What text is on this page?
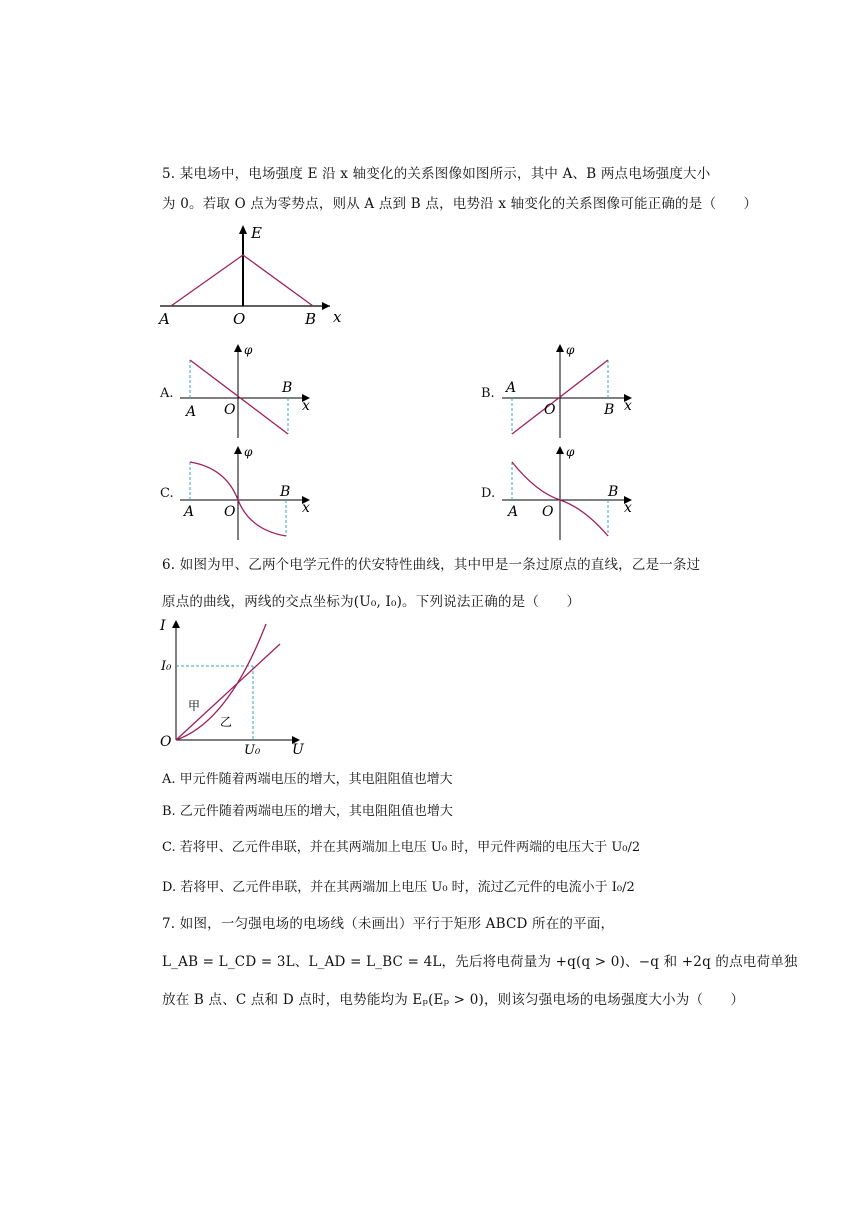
5. 某电场中，电场强度 E 沿 x 轴变化的关系图像如图所示，其中 A、B 两点电场强度大小
为 0。若取 O 点为零势点，则从 A 点到 B 点，电势沿 x 轴变化的关系图像可能正确的是（　　）
E
x
A	O	B
A.
φ
x
A O
B	B.
φ
x
A
O	B
C.
φ
x
A O
B	D.
φ
x
A O
B
6. 如图为甲、乙两个电学元件的伏安特性曲线，其中甲是一条过原点的直线，乙是一条过
原点的曲线，两线的交点坐标为(U₀, I₀)。下列说法正确的是（　　）
I
U
O
I₀
U₀
甲
乙
A. 甲元件随着两端电压的增大，其电阻阻值也增大
B. 乙元件随着两端电压的增大，其电阻阻值也增大
C. 若将甲、乙元件串联，并在其两端加上电压 U₀ 时，甲元件两端的电压大于 U₀/2
D. 若将甲、乙元件串联，并在其两端加上电压 U₀ 时，流过乙元件的电流小于 I₀/2
7. 如图，一匀强电场的电场线（未画出）平行于矩形 ABCD 所在的平面，
L_AB = L_CD = 3L、L_AD = L_BC = 4L，先后将电荷量为 +q(q > 0)、−q 和 +2q 的点电荷单独
放在 B 点、C 点和 D 点时，电势能均为 Eₚ(Eₚ > 0)，则该匀强电场的电场强度大小为（　　）
